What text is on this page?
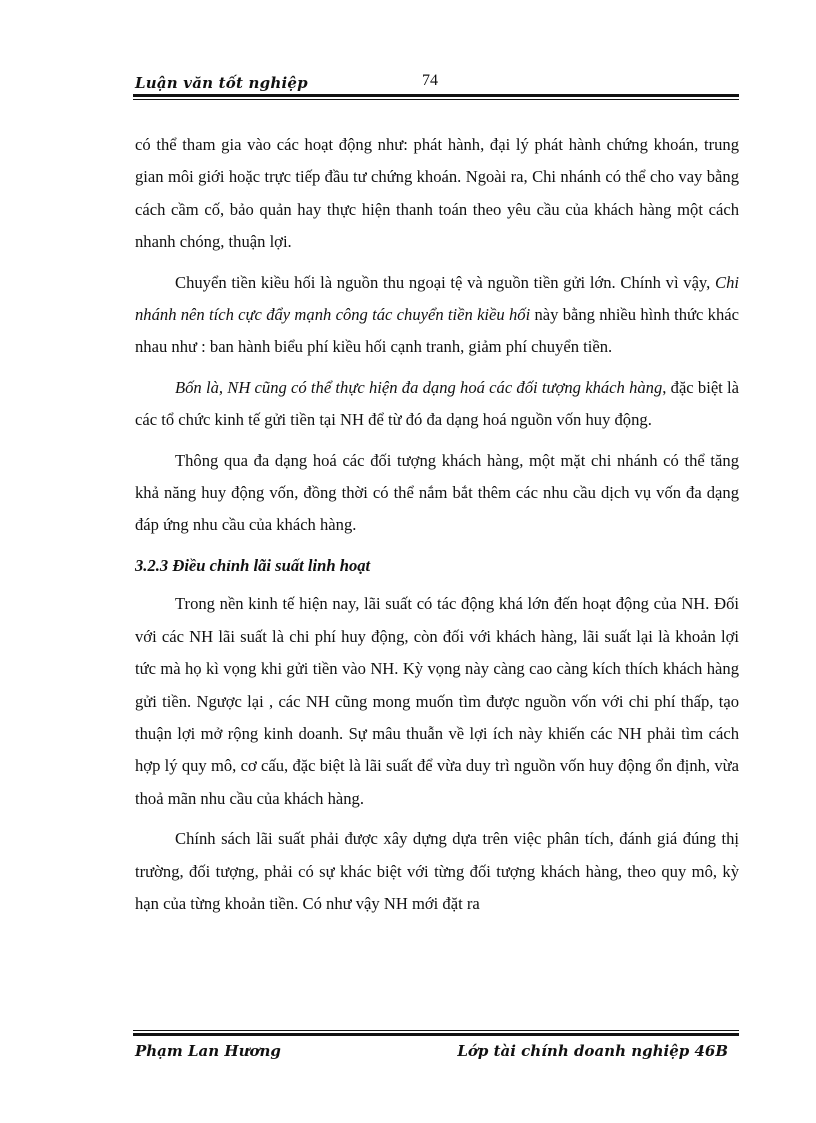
Luận văn tốt nghiệp	74

có thể tham gia vào các hoạt động như: phát hành, đại lý phát hành chứng khoán, trung gian môi giới hoặc trực tiếp đầu tư chứng khoán. Ngoài ra, Chi nhánh có thể cho vay bằng cách cầm cố, bảo quản hay thực hiện thanh toán theo yêu cầu của khách hàng một cách nhanh chóng, thuận lợi.

Chuyển tiền kiều hối là nguồn thu ngoại tệ và nguồn tiền gửi lớn. Chính vì vậy, Chi nhánh nên tích cực đẩy mạnh công tác chuyển tiền kiều hối này bằng nhiều hình thức khác nhau như : ban hành biểu phí kiều hối cạnh tranh, giảm phí chuyển tiền.

Bốn là, NH cũng có thể thực hiện đa dạng hoá các đối tượng khách hàng, đặc biệt là các tổ chức kinh tế gửi tiền tại NH để từ đó đa dạng hoá nguồn vốn huy động.

Thông qua đa dạng hoá các đối tượng khách hàng, một mặt chi nhánh có thể tăng khả năng huy động vốn, đồng thời có thể nắm bắt thêm các nhu cầu dịch vụ vốn đa dạng đáp ứng nhu cầu của khách hàng.

3.2.3 Điều chỉnh lãi suất linh hoạt

Trong nền kinh tế hiện nay, lãi suất có tác động khá lớn đến hoạt động của NH. Đối với các NH lãi suất là chi phí huy động, còn đối với khách hàng, lãi suất lại là khoản lợi tức mà họ kì vọng khi gửi tiền vào NH. Kỳ vọng này càng cao càng kích thích khách hàng gửi tiền. Ngược lại , các NH cũng mong muốn tìm được nguồn vốn với chi phí thấp, tạo thuận lợi mở rộng kinh doanh. Sự mâu thuẫn về lợi ích này khiến các NH phải tìm cách hợp lý quy mô, cơ cấu, đặc biệt là lãi suất để vừa duy trì nguồn vốn huy động ổn định, vừa thoả mãn nhu cầu của khách hàng.

Chính sách lãi suất phải được xây dựng dựa trên việc phân tích, đánh giá đúng thị trường, đối tượng, phải có sự khác biệt với từng đối tượng khách hàng, theo quy mô, kỳ hạn của từng khoản tiền. Có như vậy NH mới đặt ra

Phạm Lan Hương	Lớp tài chính doanh nghiệp 46B
